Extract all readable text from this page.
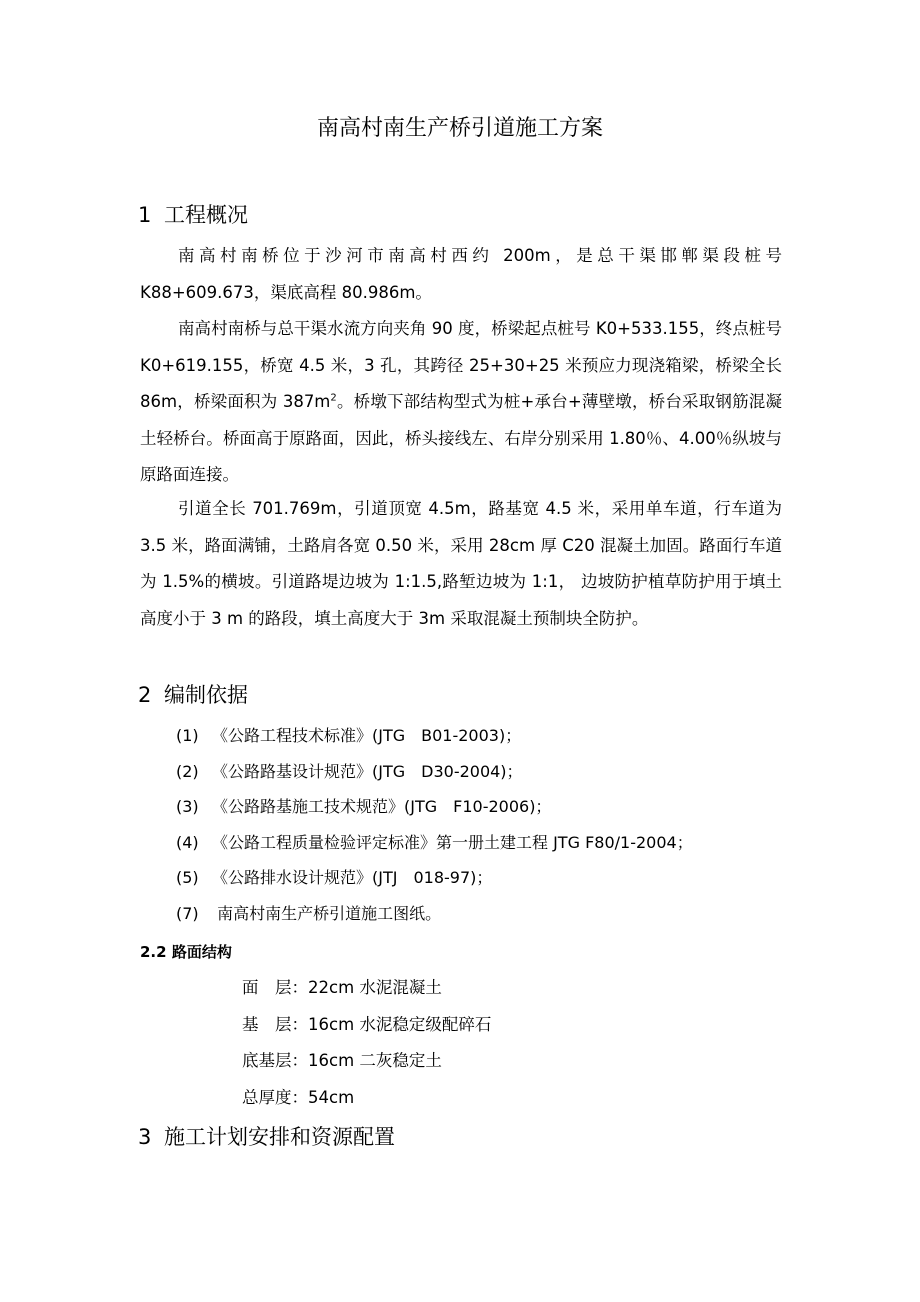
南高村南生产桥引道施工方案
1 工程概况

南高村南桥位于沙河市南高村西约 200m，是总干渠邯郸渠段桩号K88+609.673，渠底高程 80.986m。

南高村南桥与总干渠水流方向夹角 90 度，桥梁起点桩号 K0+533.155，终点桩号 K0+619.155，桥宽 4.5 米，3 孔，其跨径 25+30+25 米预应力现浇箱梁，桥梁全长 86m，桥梁面积为 $387m^2$。桥墩下部结构型式为桩+承台+薄壁墩，桥台采取钢筋混凝土轻桥台。桥面高于原路面，因此，桥头接线左、右岸分别采用 1.80％、4.00％纵坡与原路面连接。

引道全长 701.769m，引道顶宽 4.5m，路基宽 4.5 米，采用单车道，行车道为 3.5 米，路面满铺，土路肩各宽 0.50 米，采用 28cm 厚 C20 混凝土加固。路面行车道为 1.5%的横坡。引道路堤边坡为 1:1.5,路堑边坡为 1:1， 边坡防护植草防护用于填土高度小于 3 m 的路段，填土高度大于 3m 采取混凝土预制块全防护。

2 编制依据
(1) 《公路工程技术标准》(JTG　B01-2003)；
(2) 《公路路基设计规范》(JTG　D30-2004)；
(3) 《公路路基施工技术规范》(JTG　F10-2006)；
(4) 《公路工程质量检验评定标准》第一册土建工程 JTG F80/1-2004；
(5) 《公路排水设计规范》(JTJ　018-97)；
(7) 南高村南生产桥引道施工图纸。
2.2 路面结构
面　层：22cm 水泥混凝土
基　层：16cm 水泥稳定级配碎石
底基层：16cm 二灰稳定土
总厚度：54cm
3 施工计划安排和资源配置
